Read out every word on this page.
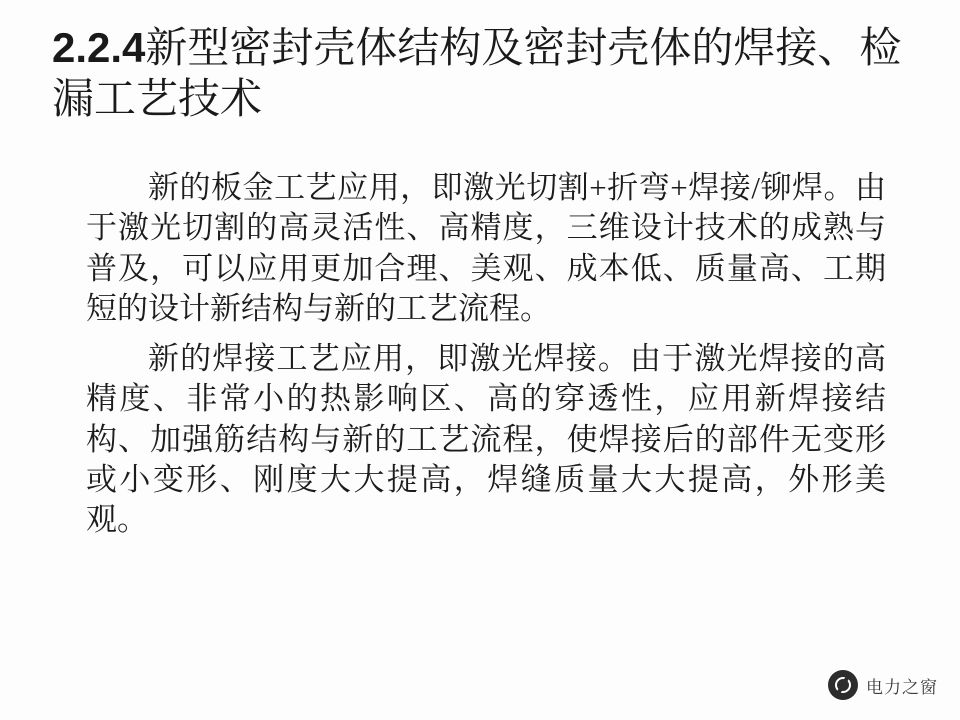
2.2.4新型密封壳体结构及密封壳体的焊接、检漏工艺技术

新的板金工艺应用，即激光切割+折弯+焊接/铆焊。由于激光切割的高灵活性、高精度，三维设计技术的成熟与普及，可以应用更加合理、美观、成本低、质量高、工期短的设计新结构与新的工艺流程。

新的焊接工艺应用，即激光焊接。由于激光焊接的高精度、非常小的热影响区、高的穿透性，应用新焊接结构、加强筋结构与新的工艺流程，使焊接后的部件无变形或小变形、刚度大大提高，焊缝质量大大提高，外形美观。

电力之窗
